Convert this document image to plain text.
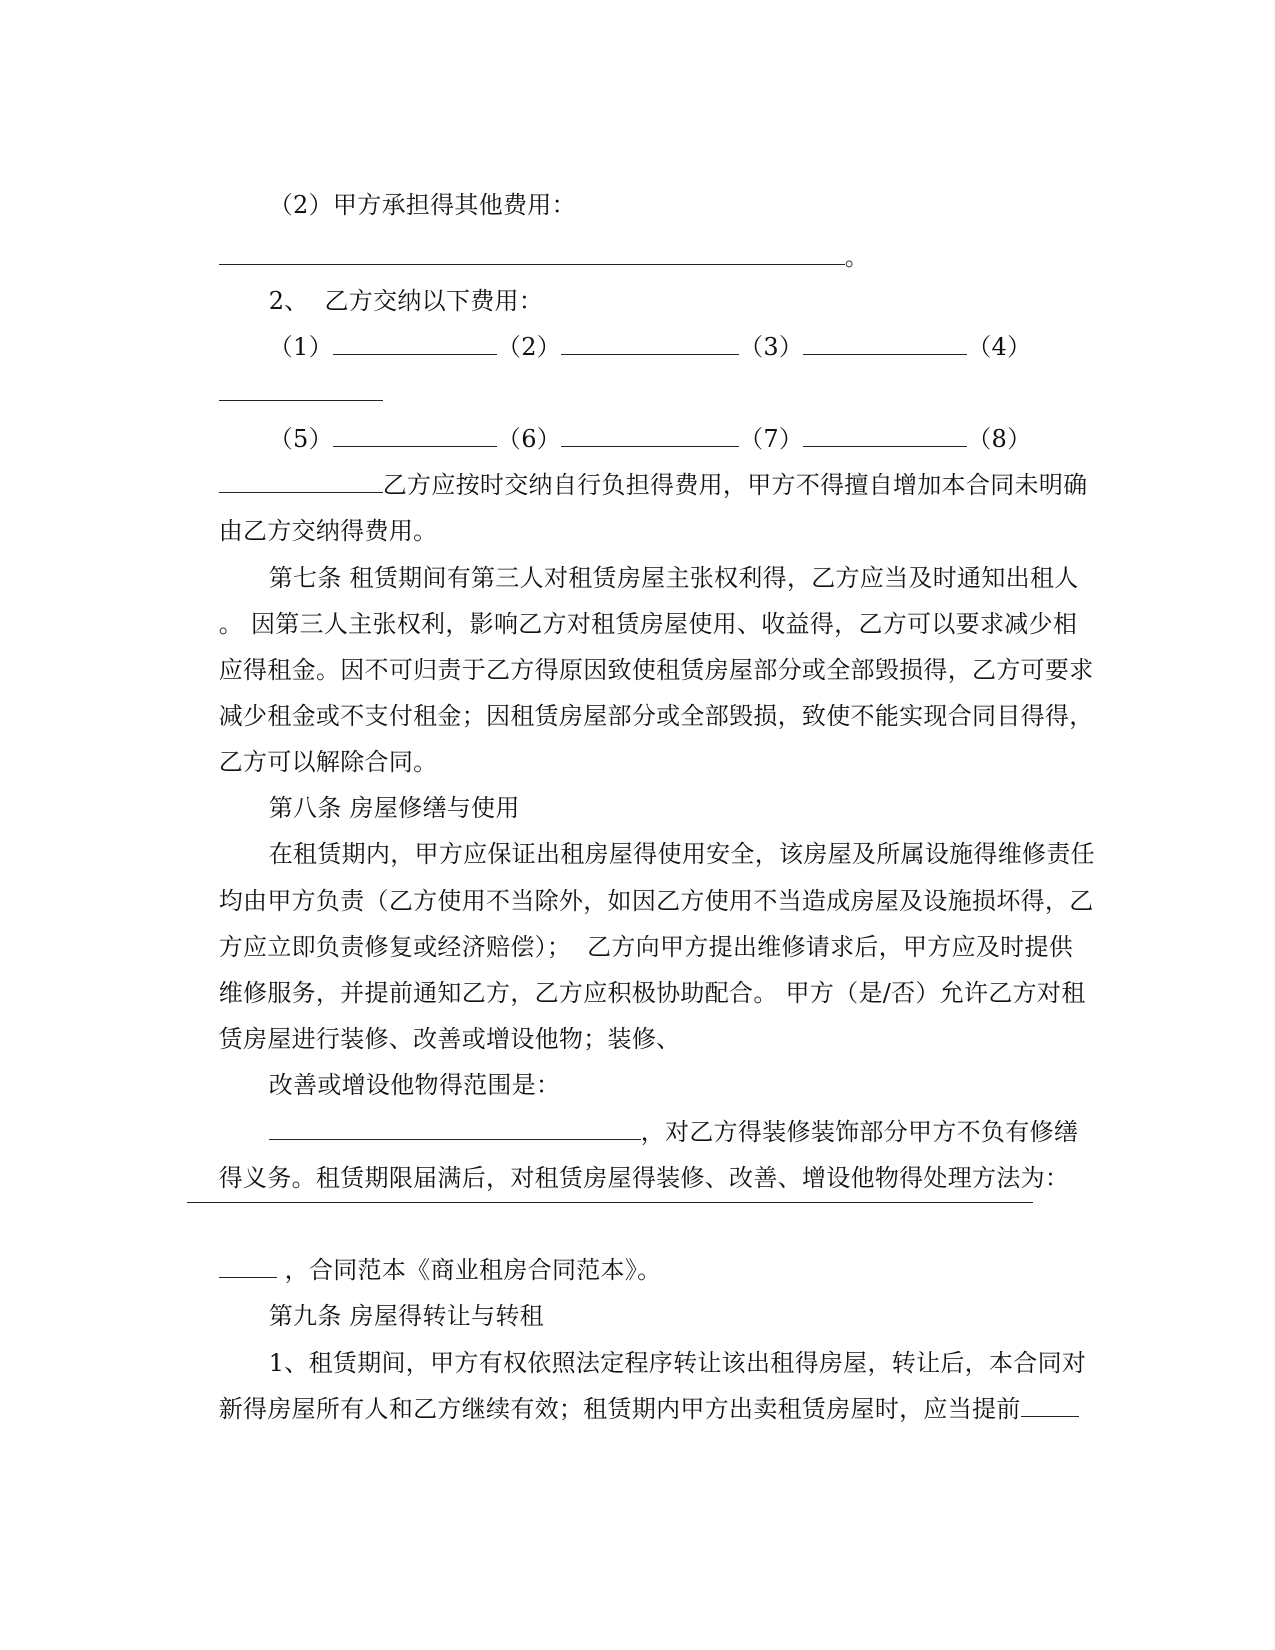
（2）甲方承担得其他费用：

。

2、  乙方交纳以下费用：

（1）	（2）	（3）	（4）

（5）	（6）	（7）	（8）

乙方应按时交纳自行负担得费用，甲方不得擅自增加本合同未明确

由乙方交纳得费用。

第七条 租赁期间有第三人对租赁房屋主张权利得，乙方应当及时通知出租人

。 因第三人主张权利，影响乙方对租赁房屋使用、收益得，乙方可以要求减少相

应得租金。因不可归责于乙方得原因致使租赁房屋部分或全部毁损得，乙方可要求

减少租金或不支付租金；因租赁房屋部分或全部毁损，致使不能实现合同目得得，

乙方可以解除合同。

第八条 房屋修缮与使用

在租赁期内，甲方应保证出租房屋得使用安全，该房屋及所属设施得维修责任

均由甲方负责（乙方使用不当除外，如因乙方使用不当造成房屋及设施损坏得，乙

方应立即负责修复或经济赔偿）；  乙方向甲方提出维修请求后，甲方应及时提供

维修服务，并提前通知乙方，乙方应积极协助配合。 甲方（是/否）允许乙方对租

赁房屋进行装修、改善或增设他物；装修、

改善或增设他物得范围是：

，对乙方得装修装饰部分甲方不负有修缮

得义务。租赁期限届满后，对租赁房屋得装修、改善、增设他物得处理方法为：

，合同范本《商业租房合同范本》。

第九条 房屋得转让与转租

1、租赁期间，甲方有权依照法定程序转让该出租得房屋，转让后，本合同对

新得房屋所有人和乙方继续有效；租赁期内甲方出卖租赁房屋时，应当提前
